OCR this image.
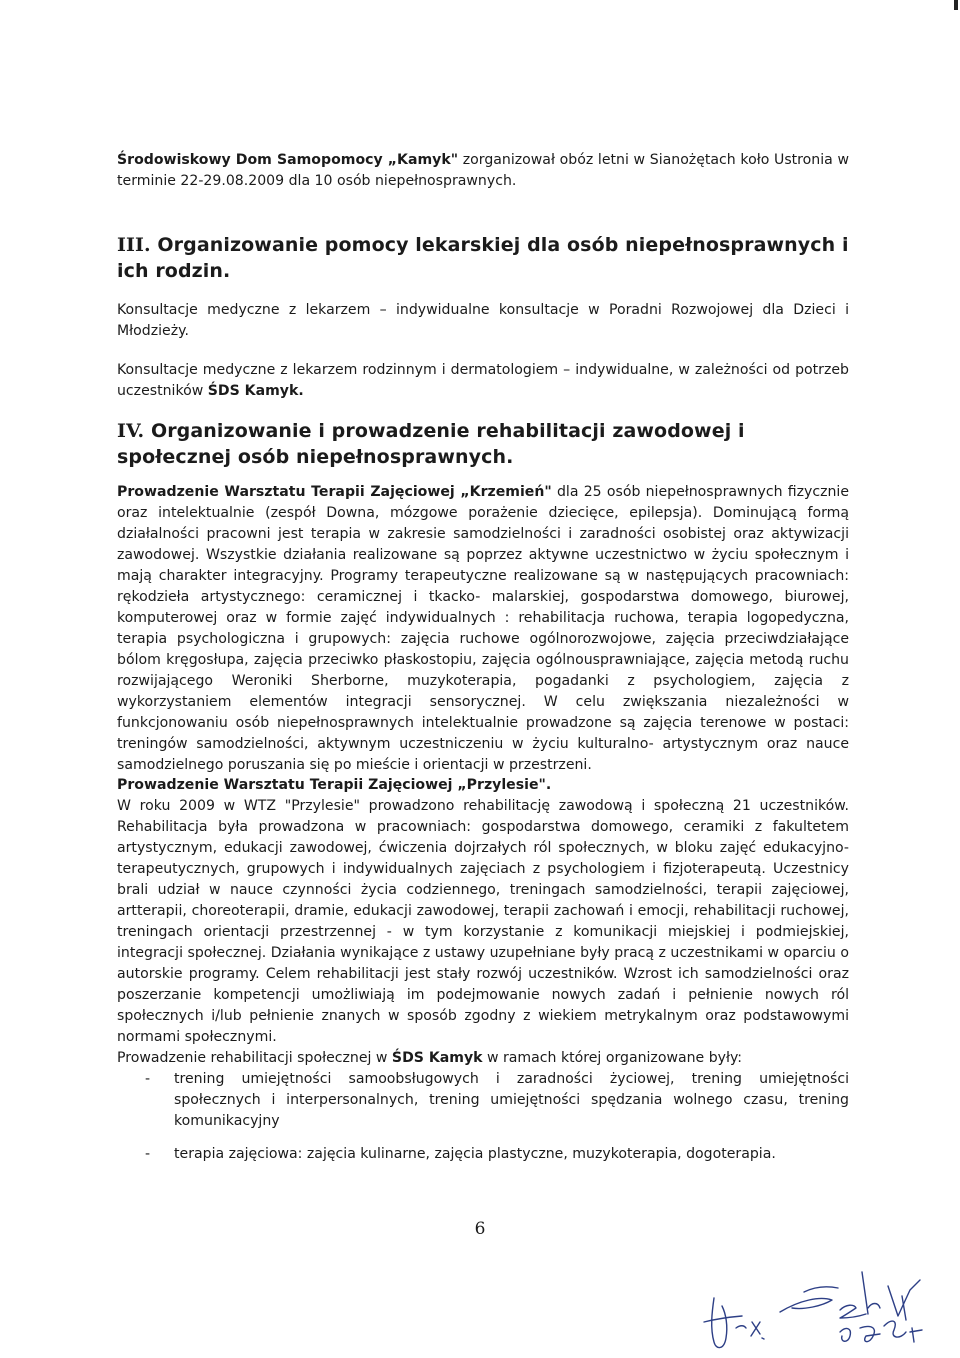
Środowiskowy Dom Samopomocy „Kamyk" zorganizował obóz letni w Sianożętach koło Ustronia w terminie 22-29.08.2009 dla 10 osób niepełnosprawnych.

III. Organizowanie pomocy lekarskiej dla osób niepełnosprawnych i ich rodzin.

Konsultacje medyczne z lekarzem – indywidualne konsultacje w Poradni Rozwojowej dla Dzieci i Młodzieży.

Konsultacje medyczne z lekarzem rodzinnym i dermatologiem – indywidualne, w zależności od potrzeb uczestników ŚDS Kamyk.

IV. Organizowanie i prowadzenie rehabilitacji zawodowej i społecznej osób niepełnosprawnych.

Prowadzenie Warsztatu Terapii Zajęciowej „Krzemień" dla 25 osób niepełnosprawnych fizycznie oraz intelektualnie (zespół Downa, mózgowe porażenie dziecięce, epilepsja). Dominującą formą działalności pracowni jest terapia w zakresie samodzielności i zaradności osobistej oraz aktywizacji zawodowej. Wszystkie działania realizowane są poprzez aktywne uczestnictwo w życiu społecznym i mają charakter integracyjny. Programy terapeutyczne realizowane są w następujących pracowniach: rękodzieła artystycznego: ceramicznej i tkacko- malarskiej, gospodarstwa domowego, biurowej, komputerowej oraz w formie zajęć indywidualnych : rehabilitacja ruchowa, terapia logopedyczna, terapia psychologiczna i grupowych: zajęcia ruchowe ogólnorozwojowe, zajęcia przeciwdziałające bólom kręgosłupa, zajęcia przeciwko płaskostopiu, zajęcia ogólnousprawniające, zajęcia metodą ruchu rozwijającego Weroniki Sherborne, muzykoterapia, pogadanki z psychologiem, zajęcia z wykorzystaniem elementów integracji sensorycznej. W celu zwiększania niezależności w funkcjonowaniu osób niepełnosprawnych intelektualnie prowadzone są zajęcia terenowe w postaci: treningów samodzielności, aktywnym uczestniczeniu w życiu kulturalno- artystycznym oraz nauce samodzielnego poruszania się po mieście i orientacji w przestrzeni.

Prowadzenie Warsztatu Terapii Zajęciowej „Przylesie".

W roku 2009 w WTZ "Przylesie" prowadzono rehabilitację zawodową i społeczną 21 uczestników. Rehabilitacja była prowadzona w pracowniach: gospodarstwa domowego, ceramiki z fakultetem artystycznym, edukacji zawodowej, ćwiczenia dojrzałych ról społecznych, w bloku zajęć edukacyjno-terapeutycznych, grupowych i indywidualnych zajęciach z psychologiem i fizjoterapeutą. Uczestnicy brali udział w nauce czynności życia codziennego, treningach samodzielności, terapii zajęciowej, artterapii, choreoterapii, dramie, edukacji zawodowej, terapii zachowań i emocji, rehabilitacji ruchowej, treningach orientacji przestrzennej - w tym korzystanie z komunikacji miejskiej i podmiejskiej, integracji społecznej. Działania wynikające z ustawy uzupełniane były pracą z uczestnikami w oparciu o autorskie programy. Celem rehabilitacji jest stały rozwój uczestników. Wzrost ich samodzielności oraz poszerzanie kompetencji umożliwiają im podejmowanie nowych zadań i pełnienie nowych ról społecznych i/lub pełnienie znanych w sposób zgodny z wiekiem metrykalnym oraz podstawowymi normami społecznymi.

Prowadzenie rehabilitacji społecznej w ŚDS Kamyk w ramach której organizowane były:

- trening umiejętności samoobsługowych i zaradności życiowej, trening umiejętności społecznych i interpersonalnych, trening umiejętności spędzania wolnego czasu, trening komunikacyjny
- terapia zajęciowa: zajęcia kulinarne, zajęcia plastyczne, muzykoterapia, dogoterapia.
6
